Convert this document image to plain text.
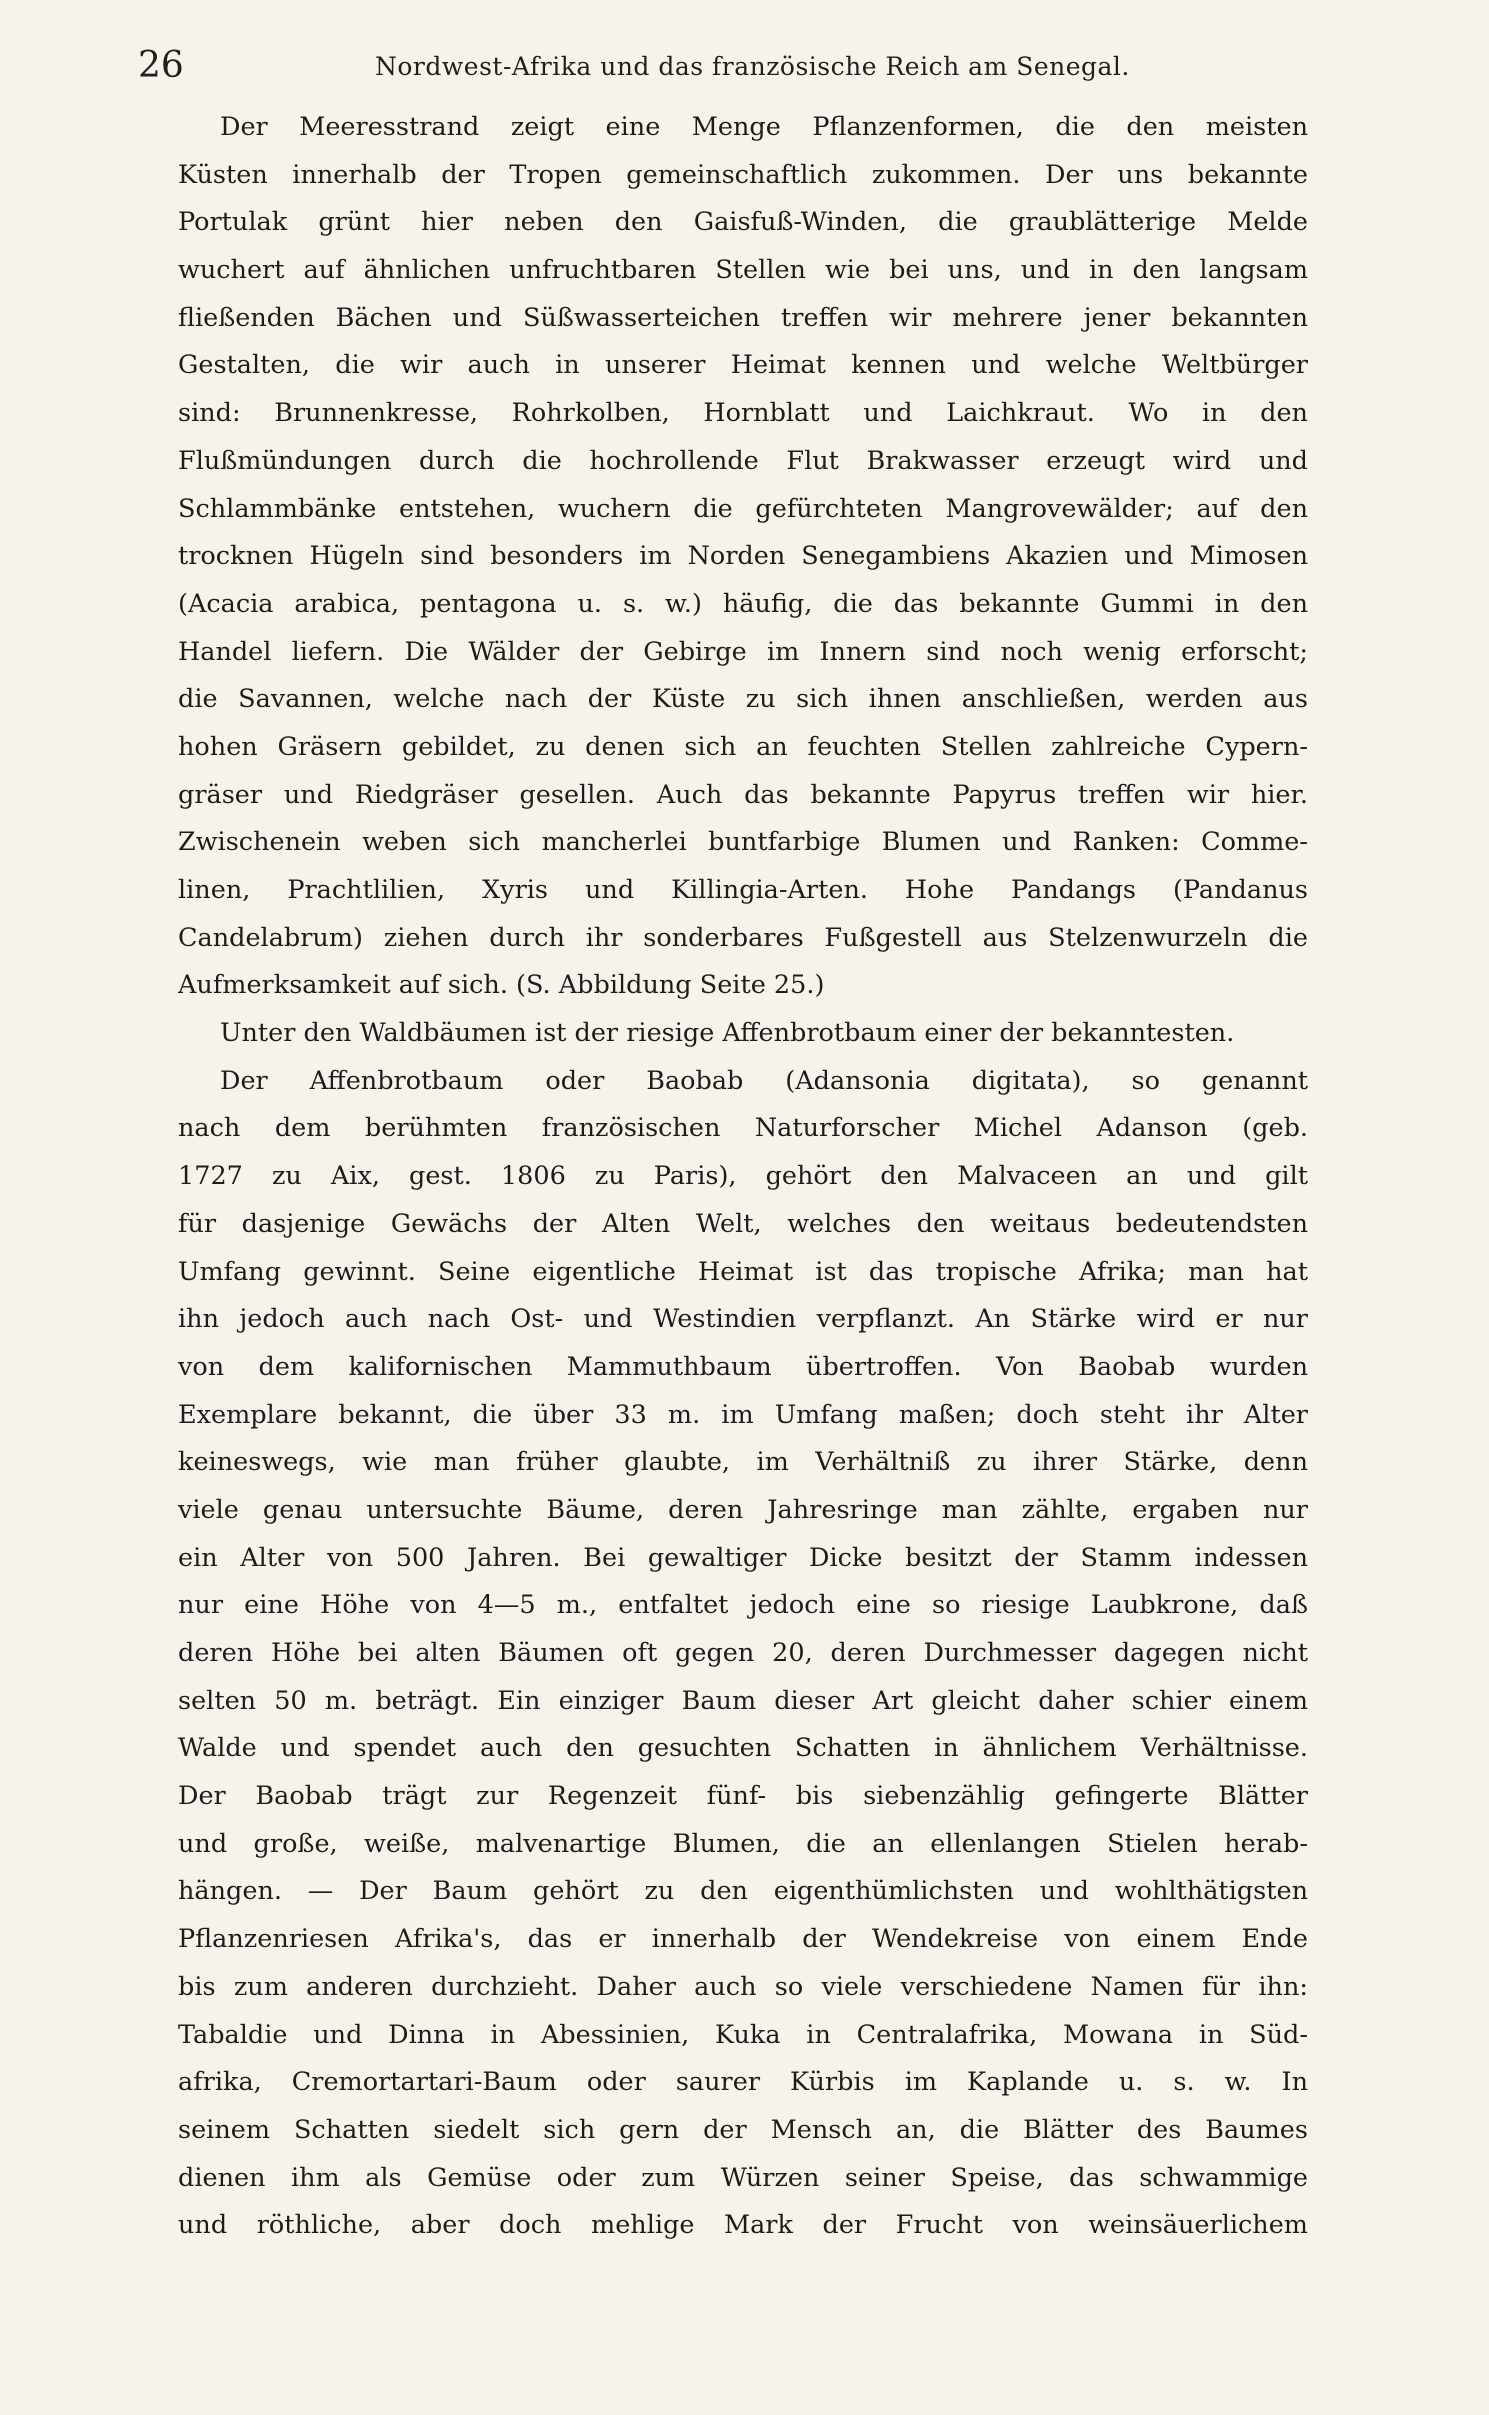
26	Nordwest-Afrika und das französische Reich am Senegal.
Der Meeresstrand zeigt eine Menge Pflanzenformen, die den meisten
Küsten innerhalb der Tropen gemeinschaftlich zukommen. Der uns bekannte
Portulak grünt hier neben den Gaisfuß-Winden, die graublätterige Melde
wuchert auf ähnlichen unfruchtbaren Stellen wie bei uns, und in den langsam
fließenden Bächen und Süßwasserteichen treffen wir mehrere jener bekannten
Gestalten, die wir auch in unserer Heimat kennen und welche Weltbürger
sind: Brunnenkresse, Rohrkolben, Hornblatt und Laichkraut. Wo in den
Flußmündungen durch die hochrollende Flut Brakwasser erzeugt wird und
Schlammbänke entstehen, wuchern die gefürchteten Mangrovewälder; auf den
trocknen Hügeln sind besonders im Norden Senegambiens Akazien und Mimosen
(Acacia arabica, pentagona u. s. w.) häufig, die das bekannte Gummi in den
Handel liefern. Die Wälder der Gebirge im Innern sind noch wenig erforscht;
die Savannen, welche nach der Küste zu sich ihnen anschließen, werden aus
hohen Gräsern gebildet, zu denen sich an feuchten Stellen zahlreiche Cypern-
gräser und Riedgräser gesellen. Auch das bekannte Papyrus treffen wir hier.
Zwischenein weben sich mancherlei buntfarbige Blumen und Ranken: Comme-
linen, Prachtlilien, Xyris und Killingia-Arten. Hohe Pandangs (Pandanus
Candelabrum) ziehen durch ihr sonderbares Fußgestell aus Stelzenwurzeln die
Aufmerksamkeit auf sich. (S. Abbildung Seite 25.)
Unter den Waldbäumen ist der riesige Affenbrotbaum einer der bekanntesten.
Der Affenbrotbaum oder Baobab (Adansonia digitata), so genannt
nach dem berühmten französischen Naturforscher Michel Adanson (geb.
1727 zu Aix, gest. 1806 zu Paris), gehört den Malvaceen an und gilt
für dasjenige Gewächs der Alten Welt, welches den weitaus bedeutendsten
Umfang gewinnt. Seine eigentliche Heimat ist das tropische Afrika; man hat
ihn jedoch auch nach Ost- und Westindien verpflanzt. An Stärke wird er nur
von dem kalifornischen Mammuthbaum übertroffen. Von Baobab wurden
Exemplare bekannt, die über 33 m. im Umfang maßen; doch steht ihr Alter
keineswegs, wie man früher glaubte, im Verhältniß zu ihrer Stärke, denn
viele genau untersuchte Bäume, deren Jahresringe man zählte, ergaben nur
ein Alter von 500 Jahren. Bei gewaltiger Dicke besitzt der Stamm indessen
nur eine Höhe von 4—5 m., entfaltet jedoch eine so riesige Laubkrone, daß
deren Höhe bei alten Bäumen oft gegen 20, deren Durchmesser dagegen nicht
selten 50 m. beträgt. Ein einziger Baum dieser Art gleicht daher schier einem
Walde und spendet auch den gesuchten Schatten in ähnlichem Verhältnisse.
Der Baobab trägt zur Regenzeit fünf- bis siebenzählig gefingerte Blätter
und große, weiße, malvenartige Blumen, die an ellenlangen Stielen herab-
hängen. — Der Baum gehört zu den eigenthümlichsten und wohlthätigsten
Pflanzenriesen Afrika's, das er innerhalb der Wendekreise von einem Ende
bis zum anderen durchzieht. Daher auch so viele verschiedene Namen für ihn:
Tabaldie und Dinna in Abessinien, Kuka in Centralafrika, Mowana in Süd-
afrika, Cremortartari-Baum oder saurer Kürbis im Kaplande u. s. w. In
seinem Schatten siedelt sich gern der Mensch an, die Blätter des Baumes
dienen ihm als Gemüse oder zum Würzen seiner Speise, das schwammige
und röthliche, aber doch mehlige Mark der Frucht von weinsäuerlichem
